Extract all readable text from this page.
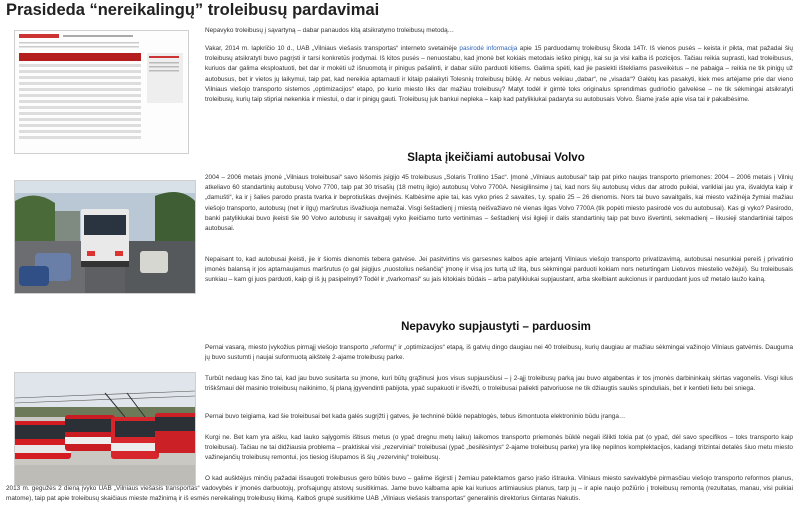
Prasideda “nereikalingų” troleibusų pardavimai

Nepavyko troleibusų į sąvartyną – dabar panaudos kitą atsikratymo troleibusų metodą…

Vakar, 2014 m. lapkričio 10 d., UAB „Vilniaus viešasis transportas“ interneto svetainėje pasirodė informacija apie 15 parduodamų troleibusų Škoda 14Tr. Iš vienos pusės – keista ir pikta, mat pažadai šių troleibusų atsikratyti buvo pagrįsti ir tarsi konkretūs įrodymai. Iš kitos pusės – nenuostabu, kad įmonė bet kokiais metodais ieško pinigų, kai su ja visi kalba iš pozicijos. Tačiau reikia suprasti, kad troleibusus, kuriuos dar galima eksploatuoti, bet dar ir mokėti už išnuomotą ir pinigus pašalinti, ir dabar siūlo parduoti kitiems. Galima spėti, kad jie pasiekti ištekliams pasveikėtus – ne pabaiga – reikia ne tik pinigų už autobusus, bet ir vietos jų laikymui, taip pat, kad nereikia aptarnauti ir kitaip palaikyti Tolesnių troleibusų būklę. Ar nebus veikiau „dabar“, ne „visada“? Galėtų kas pasakyti, kiek mes artėjame prie dar vieno Vilniaus viešojo transporto sistemos „optimizacijos“ etapo, po kurio miesto liks dar mažiau troleibusų? Matyt todėl ir gimtė toks originalus sprendimas gudriočio galvelėse – ne tik sėkmingai atsikratyti troleibusų, kurių taip stipriai nekenkia ir miestui, o dar ir pinigų gauti. Troleibusų juk bankui nepleka – kaip kad patylikiukai padaryta su autobusais Volvo. Šiame įraše apie visa tai ir pakalbėsime.

Slapta įkeičiami autobusai Volvo

2004 – 2006 metais įmonė „Vilniaus troleibusai“ savo lėšomis įsigijo 45 troleibusus „Solaris Trollino 15ac“. Įmonė „Vilniaus autobusai“ taip pat pirko naujas transporto priemones: 2004 – 2006 metais į Vilnių atkeliavo 60 standartinių autobusų Volvo 7700, taip pat 30 trisašių (18 metrų ilgio) autobusų Volvo 7700A. Nesigilinsime į tai, kad nors šių autobusų vidus dar atrodo puikiai, varikliai jau yra, išvaldyta kaip ir „damušti“, ka ir į šalies parodo prasta tvarka ir beprotiuškas dvejinės. Kalbėsime apie tai, kas vyko pries 2 savaites, t.y. spalio 25 – 26 dienomis. Nors tai buvo savaitgalis, kai miesto važinėja žymiai mažiau viešojo transporto, autobusų (net ir ilgų) maršrutus išvažiuoja nemažai. Visgi šeštadienį į miestą neišvažiavo nė vienas ilgas Volvo 7700A (tik popėti miesto pasirodė vos du autobusai). Kas gi vyko? Pasirodo, banki patylikiukai buvo įkeisti šie 90 Volvo autobusų ir savaitgalį vyko įkeičiamo turto vertinimas – šeštadienį visi ilgieji ir dalis standartinių taip pat buvo išvertinti, sekmadienį – likusieji standartiniai talpos autobusai.

Nepaisant to, kad autobusai įkeisti, jie ir šiomis dienomis tebera gatvėse. Jei pasitvirtins vis garsesnes kalbos apie artejantį Vilniaus viešojo transporto privatizavimą, autobusai nesunkiai pereiš į privatinio įmonės balansą ir jos aptarnaujamus maršrutus (o gal įsigijus „nuostolius nešančią“ įmonę ir visą jos turtą už litą, bus sėkmingai parduoti kokiam nors neturtingam Lietuvos miestelio vežėjui). Su troleibusais sunkiau – kam gi juos parduoti, kaip gi iš jų pasipelnyti? Todėl ir „tvarkomasi“ su jais kitokiais būdais – arba patylikiukai supjaustant, arba skelbiant aukcionus ir parduodant juos už metalo laužo kainą.

Nepavyko supjaustyti – parduosim

Pernai vasarą, miesto įvykožius pirmąjį viešojo transporto „reformų“ ir „optimizacijos“ etapą, iš gatvių dingo daugiau nei 40 troleibusų, kurių daugiau ar mažiau sėkmingai važinojo Vilniaus gatvėmis. Dauguma jų buvo sustumti į naujai suformuotą aikštelę 2-ajame troleibusų parke.

Turbūt nedaug kas žino tai, kad jau buvo susitarta su įmone, kuri būtų grąžinusi juos visus supjausčiusi – į 2-ąjį troleibusų parką jau buvo atgabentas ir tos įmonės darbininkaių skirtas vagonelis. Visgi kilus triškšmaui dėl masinio troleibusų naikinimo, šį planą įgyvendinti pabijota, ypač supakuoti ir išvežti, o troleibusai paliekti patvoriuose ne tik džiaugtis saulės spinduliais, bet ir kentieti lietu bei sniega.

Pernai buvo teigiama, kad šie troleibusai bet kada galės sugrįžti į gatves, jie techninė būklė nepablogės, tebus išmontuota elektroninio būdu įranga…

Kurgi ne. Bet kam yra aišku, kad lauko sąlygomis ištisus metus (o ypač dregnu metų laiku) laikomos transporto priemonės būklė negali išlikti tokia pat (o ypač, dėl savo specifikos – toks transporto kaip troleibusai). Tačiau ne tai didžiausia problema – praktiskai visi „rezerviniai“ troleibusai (ypač „besilėsintys“ 2-ajame troleibusų parke) yra likę nepilnos komplektacijos, kadangi trilzintai detalės šiuo metu miesto važinejančių troleibusų remontui, jos tiesiog išlupamos iš šių „rezervinių“ troleibusų.

O kad aušktėjus minčių pažadai išsaugoti troleibusus gero būtės buvo – galime išgirsti į žemiau pateiktamos garso įrašo ištrauka. Vilniaus miesto savivaldybė pirmasčiau viešojo transporto reformos planus, 2013 m. gegužės 2 dieną įvyko UAB „Vilniaus viešasis transportas“ vadovybės ir įmonės darbuotojų, profsajungų atstovų susitikimas. Jame buvo kalbama apie kai kuriuos artimiausius planus, tarp jų – ir apie naujo požiūrio į troleibusų remontą (rezultatas, manau, visi puikiai matome), taip pat apie troleibusų skaičiaus mieste mažinimą ir iš esmės nereikalingų troleibusų likimą. Kalboš grupė susitikime UAB „Vilniaus viešasis transportas“ generalinis direktorius Gintaras Nakutis.
